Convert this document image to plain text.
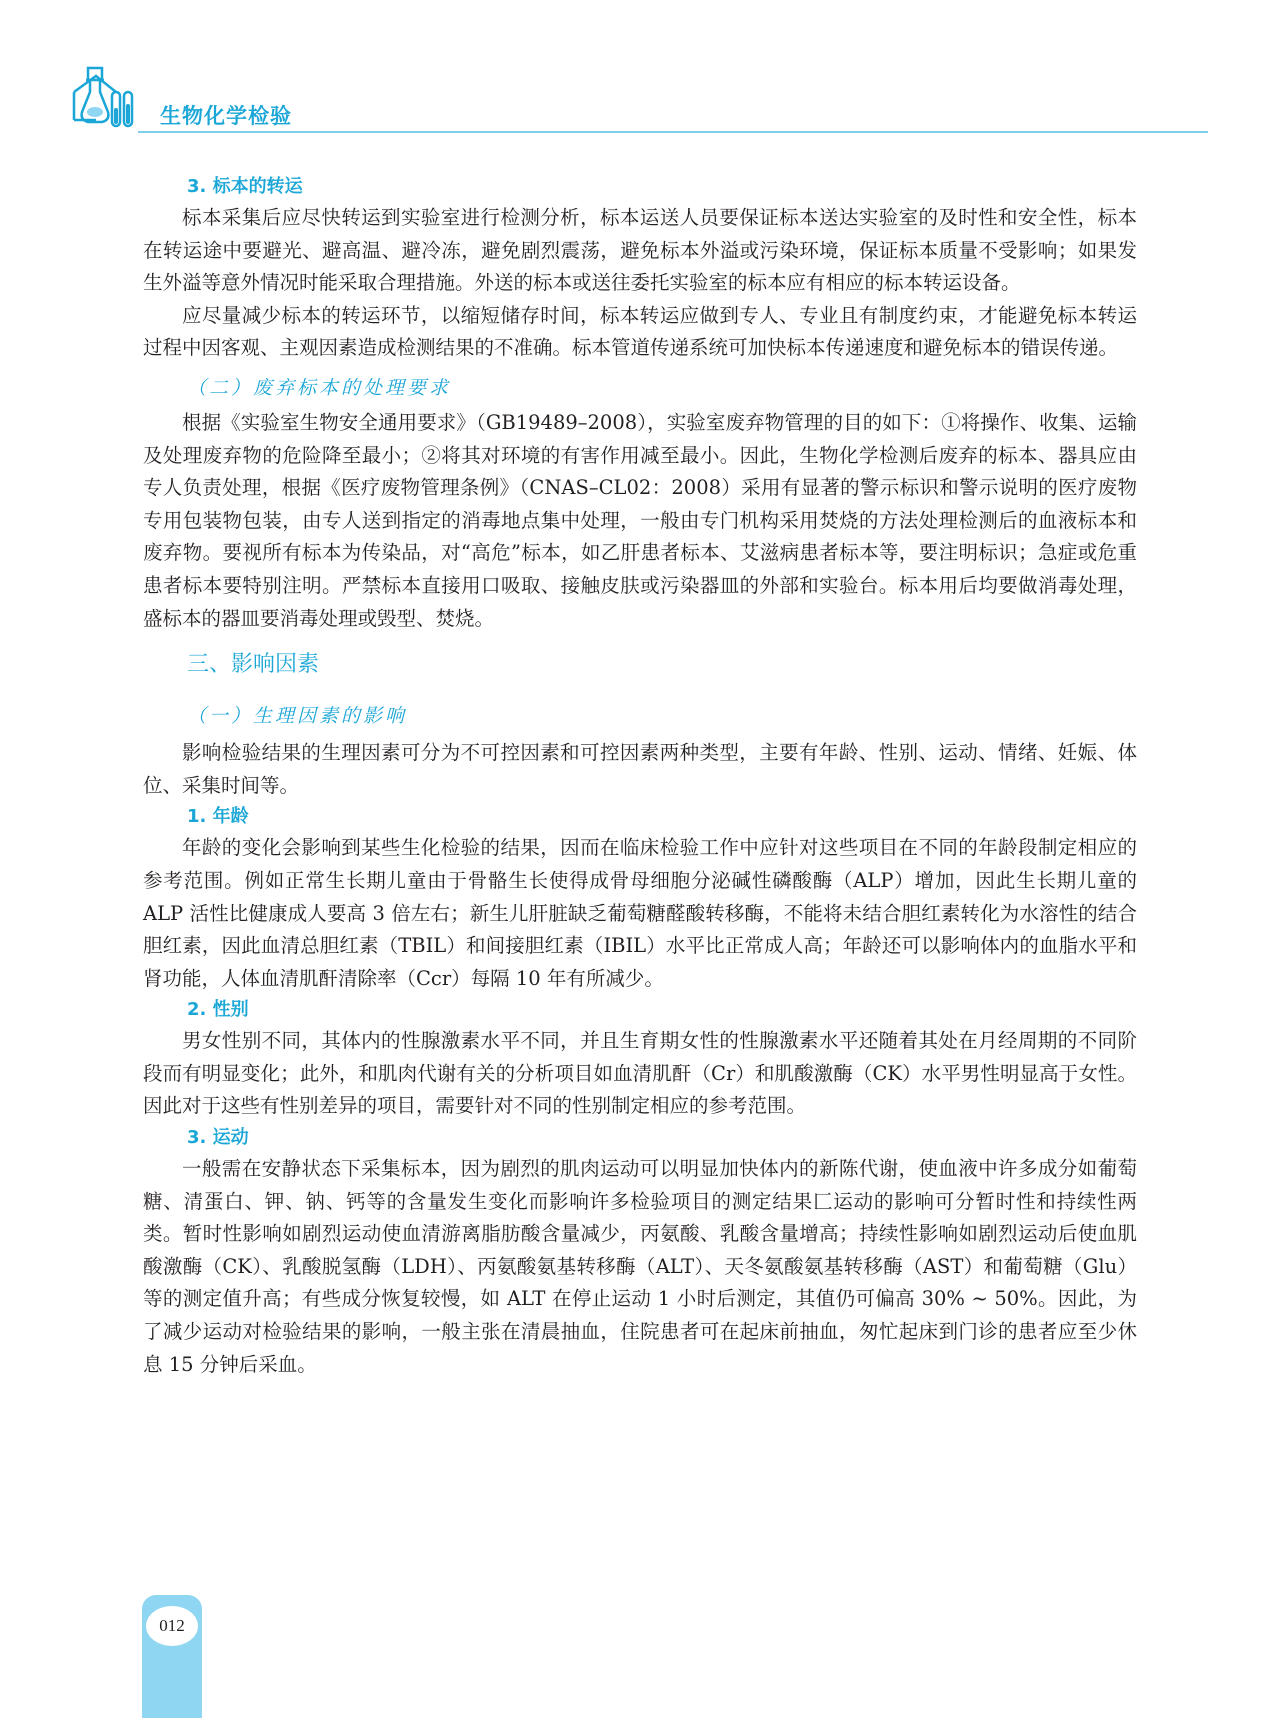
生物化学检验

3. 标本的转运

标本采集后应尽快转运到实验室进行检测分析，标本运送人员要保证标本送达实验室的及时性和安全性，标本在转运途中要避光、避高温、避冷冻，避免剧烈震荡，避免标本外溢或污染环境，保证标本质量不受影响；如果发生外溢等意外情况时能采取合理措施。外送的标本或送往委托实验室的标本应有相应的标本转运设备。

应尽量减少标本的转运环节，以缩短储存时间，标本转运应做到专人、专业且有制度约束，才能避免标本转运过程中因客观、主观因素造成检测结果的不准确。标本管道传递系统可加快标本传递速度和避免标本的错误传递。

（二）废弃标本的处理要求

根据《实验室生物安全通用要求》（GB19489–2008），实验室废弃物管理的目的如下：①将操作、收集、运输及处理废弃物的危险降至最小；②将其对环境的有害作用减至最小。因此，生物化学检测后废弃的标本、器具应由专人负责处理，根据《医疗废物管理条例》（CNAS–CL02：2008）采用有显著的警示标识和警示说明的医疗废物专用包装物包装，由专人送到指定的消毒地点集中处理，一般由专门机构采用焚烧的方法处理检测后的血液标本和废弃物。要视所有标本为传染品，对“高危”标本，如乙肝患者标本、艾滋病患者标本等，要注明标识；急症或危重患者标本要特别注明。严禁标本直接用口吸取、接触皮肤或污染器皿的外部和实验台。标本用后均要做消毒处理，盛标本的器皿要消毒处理或毁型、焚烧。

三、影响因素

（一）生理因素的影响

影响检验结果的生理因素可分为不可控因素和可控因素两种类型，主要有年龄、性别、运动、情绪、妊娠、体位、采集时间等。

1. 年龄

年龄的变化会影响到某些生化检验的结果，因而在临床检验工作中应针对这些项目在不同的年龄段制定相应的参考范围。例如正常生长期儿童由于骨骼生长使得成骨母细胞分泌碱性磷酸酶（ALP）增加，因此生长期儿童的 ALP 活性比健康成人要高 3 倍左右；新生儿肝脏缺乏葡萄糖醛酸转移酶，不能将未结合胆红素转化为水溶性的结合胆红素，因此血清总胆红素（TBIL）和间接胆红素（IBIL）水平比正常成人高；年龄还可以影响体内的血脂水平和肾功能，人体血清肌酐清除率（Ccr）每隔 10 年有所减少。

2. 性别

男女性别不同，其体内的性腺激素水平不同，并且生育期女性的性腺激素水平还随着其处在月经周期的不同阶段而有明显变化；此外，和肌肉代谢有关的分析项目如血清肌酐（Cr）和肌酸激酶（CK）水平男性明显高于女性。因此对于这些有性别差异的项目，需要针对不同的性别制定相应的参考范围。

3. 运动

一般需在安静状态下采集标本，因为剧烈的肌肉运动可以明显加快体内的新陈代谢，使血液中许多成分如葡萄糖、清蛋白、钾、钠、钙等的含量发生变化而影响许多检验项目的测定结果匚运动的影响可分暂时性和持续性两类。暂时性影响如剧烈运动使血清游离脂肪酸含量减少，丙氨酸、乳酸含量增高；持续性影响如剧烈运动后使血肌酸激酶（CK）、乳酸脱氢酶（LDH）、丙氨酸氨基转移酶（ALT）、天冬氨酸氨基转移酶（AST）和葡萄糖（Glu）等的测定值升高；有些成分恢复较慢，如 ALT 在停止运动 1 小时后测定，其值仍可偏高 30% ~ 50%。因此，为了减少运动对检验结果的影响，一般主张在清晨抽血，住院患者可在起床前抽血，匆忙起床到门诊的患者应至少休息 15 分钟后采血。

012
